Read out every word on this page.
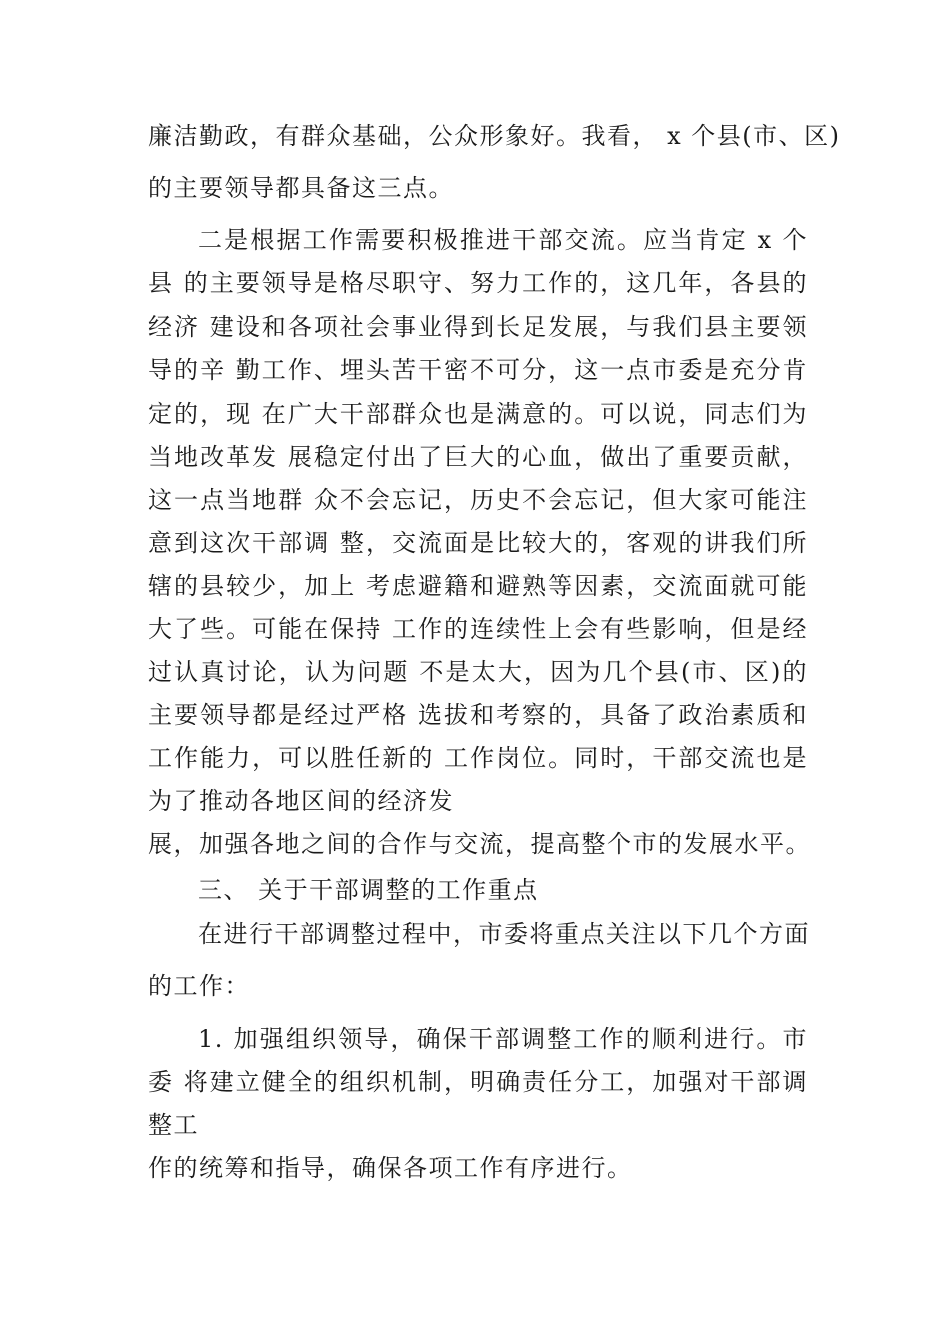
廉洁勤政，有群众基础，公众形象好。我看， x 个县(市、区)
的主要领导都具备这三点。
二是根据工作需要积极推进干部交流。应当肯定 x 个
县 的主要领导是格尽职守、努力工作的，这几年，各县的
经济 建设和各项社会事业得到长足发展，与我们县主要领
导的辛 勤工作、埋头苦干密不可分，这一点市委是充分肯
定的，现 在广大干部群众也是满意的。可以说，同志们为
当地改革发 展稳定付出了巨大的心血，做出了重要贡献，
这一点当地群 众不会忘记，历史不会忘记，但大家可能注
意到这次干部调 整，交流面是比较大的，客观的讲我们所
辖的县较少，加上 考虑避籍和避熟等因素，交流面就可能
大了些。可能在保持 工作的连续性上会有些影响，但是经
过认真讨论，认为问题 不是太大，因为几个县(市、区)的
主要领导都是经过严格 选拔和考察的，具备了政治素质和
工作能力，可以胜任新的 工作岗位。同时，干部交流也是
为了推动各地区间的经济发
展，加强各地之间的合作与交流，提高整个市的发展水平。
三、 关于干部调整的工作重点
在进行干部调整过程中，市委将重点关注以下几个方面
的工作：
1. 加强组织领导，确保干部调整工作的顺利进行。市
委 将建立健全的组织机制，明确责任分工，加强对干部调
整工
作的统筹和指导，确保各项工作有序进行。
